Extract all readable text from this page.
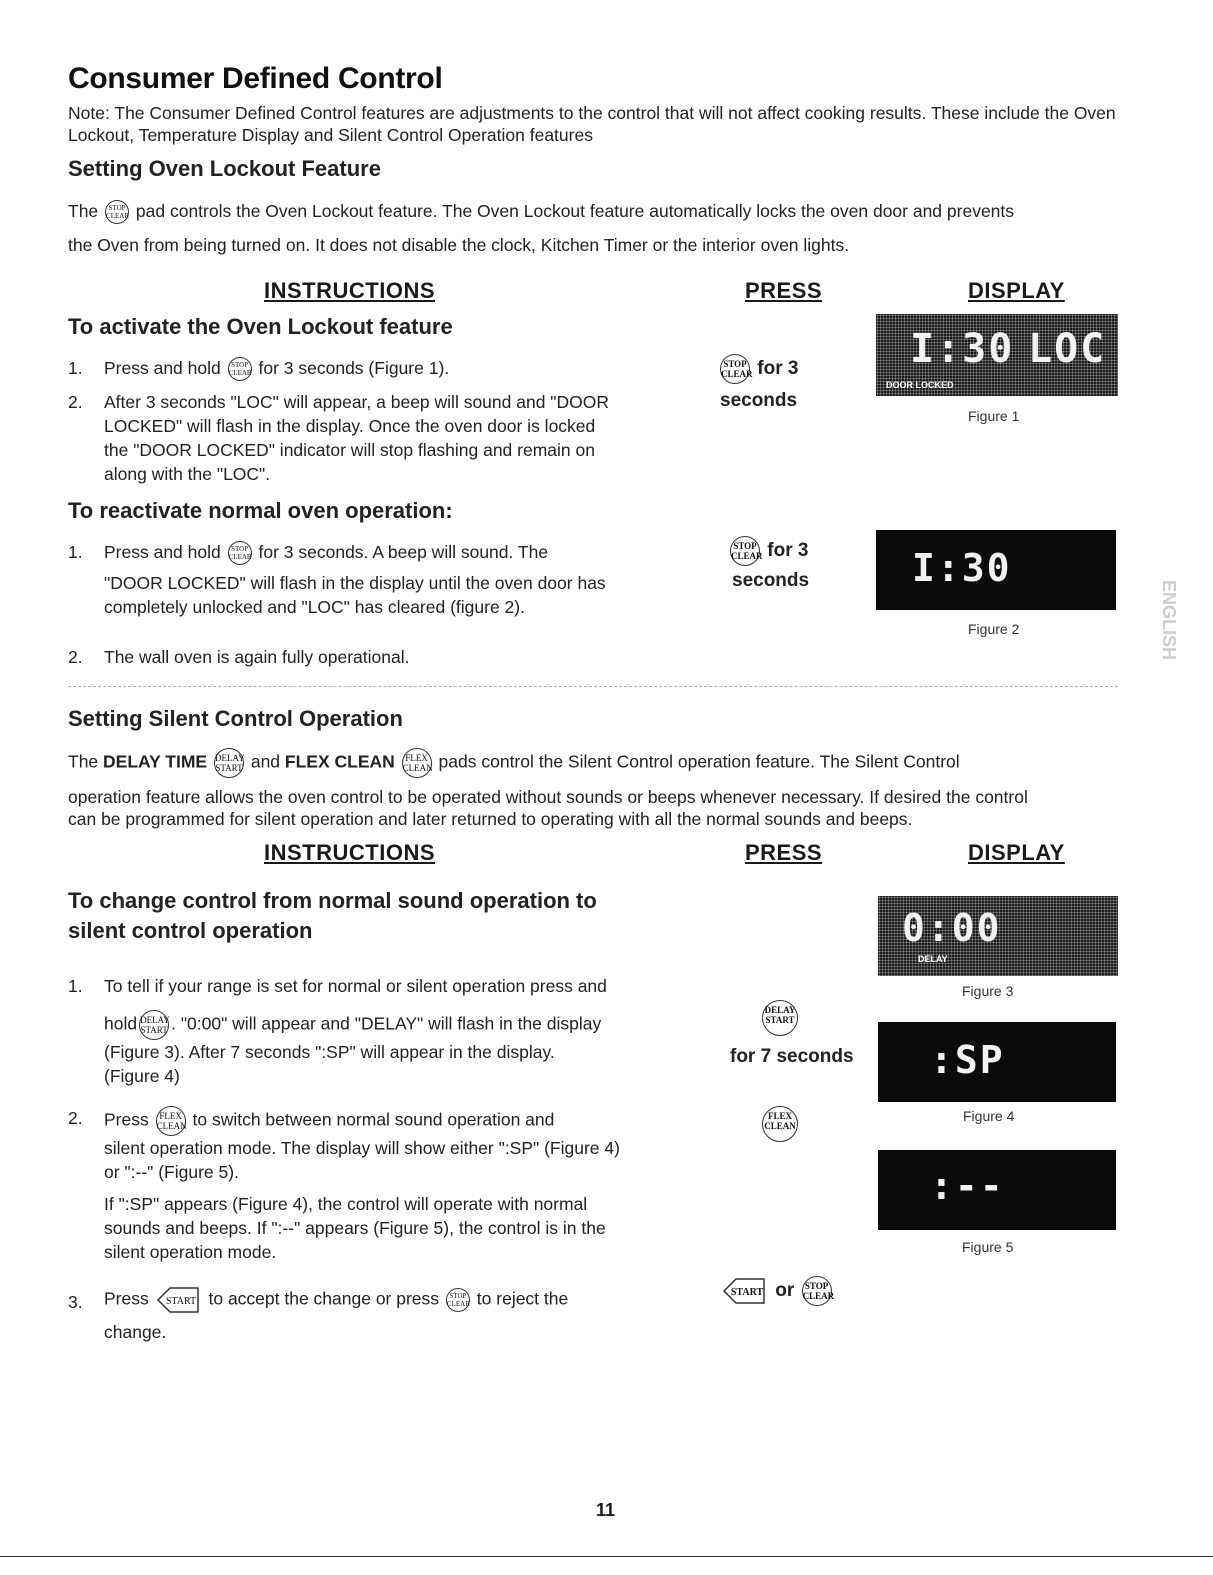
Consumer Defined Control
Note: The Consumer Defined Control features are adjustments to the control that will not affect cooking results. These include the Oven Lockout, Temperature Display and Silent Control Operation features
Setting Oven Lockout Feature
The STOP
CLEAR pad controls the Oven Lockout feature. The Oven Lockout feature automatically locks the oven door and prevents
the Oven from being turned on. It does not disable the clock, Kitchen Timer or the interior oven lights.
INSTRUCTIONS	PRESS	DISPLAY
To activate the Oven Lockout feature
1. Press and hold STOP
CLEAR for 3 seconds (Figure 1).
2. After 3 seconds "LOC" will appear, a beep will sound and "DOOR
LOCKED" will flash in the display. Once the oven door is locked
the "DOOR LOCKED" indicator will stop flashing and remain on
along with the "LOC".
STOP
CLEAR for 3
seconds
I:30 LOC
DOOR LOCKED
Figure 1
To reactivate normal oven operation:
1. Press and hold STOP
CLEAR for 3 seconds. A beep will sound. The
"DOOR LOCKED" will flash in the display until the oven door has
completely unlocked and "LOC" has cleared (figure 2).
2. The wall oven is again fully operational.
STOP
CLEAR for 3
seconds	I:30
Figure 2	ENGLISH
Setting Silent Control Operation
The DELAY TIME DELAY
START and FLEX CLEAN FLEX
CLEAN pads control the Silent Control operation feature. The Silent Control
operation feature allows the oven control to be operated without sounds or beeps whenever necessary. If desired the control
can be programmed for silent operation and later returned to operating with all the normal sounds and beeps.
INSTRUCTIONS	PRESS	DISPLAY
To change control from normal sound operation to
silent control operation
1. To tell if your range is set for normal or silent operation press and
hold DELAY
START . "0:00" will appear and "DELAY" will flash in the display
(Figure 3). After 7 seconds ":SP" will appear in the display.
(Figure 4)
2. Press FLEX
CLEAN to switch between normal sound operation and
silent operation mode. The display will show either ":SP" (Figure 4)
or ":--" (Figure 5).
If ":SP" appears (Figure 4), the control will operate with normal
sounds and beeps. If ":--" appears (Figure 5), the control is in the
silent operation mode.
3. Press START to accept the change or press STOP
CLEAR to reject the
change.
DELAY
START
for 7 seconds
FLEX
CLEAN
START or STOP
CLEAR
0:00
DELAY
Figure 3
:SP
Figure 4
:--
Figure 5
11
